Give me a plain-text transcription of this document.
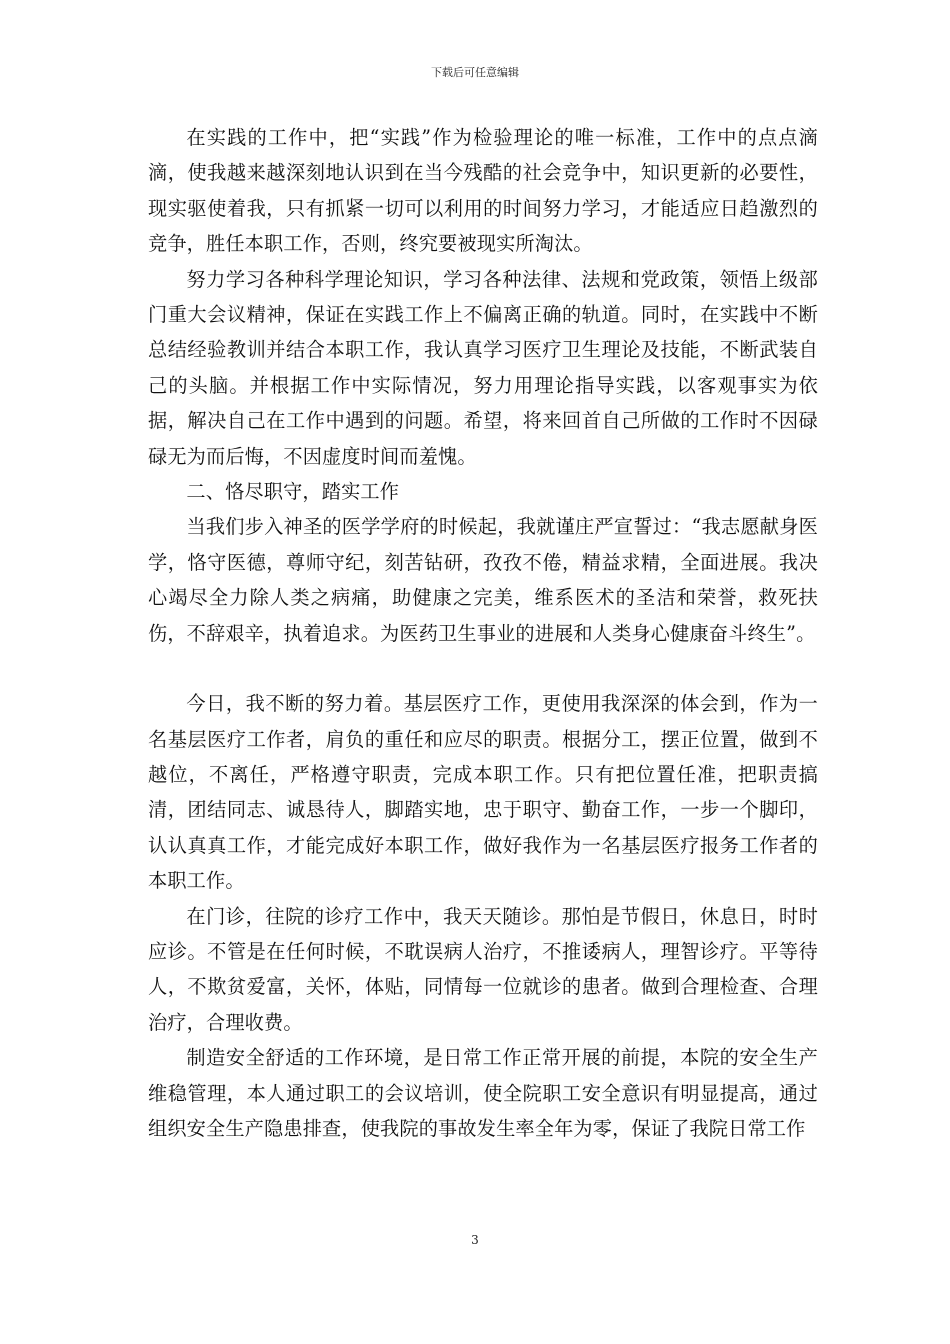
下载后可任意编辑

在实践的工作中，把“实践”作为检验理论的唯一标准，工作中的点点滴滴，使我越来越深刻地认识到在当今残酷的社会竞争中，知识更新的必要性，现实驱使着我，只有抓紧一切可以利用的时间努力学习，才能适应日趋激烈的竞争，胜任本职工作，否则，终究要被现实所淘汰。

努力学习各种科学理论知识，学习各种法律、法规和党政策，领悟上级部门重大会议精神，保证在实践工作上不偏离正确的轨道。同时，在实践中不断总结经验教训并结合本职工作，我认真学习医疗卫生理论及技能，不断武装自己的头脑。并根据工作中实际情况，努力用理论指导实践，以客观事实为依据，解决自己在工作中遇到的问题。希望，将来回首自己所做的工作时不因碌碌无为而后悔，不因虚度时间而羞愧。

二、恪尽职守，踏实工作

当我们步入神圣的医学学府的时候起，我就谨庄严宣誓过：“我志愿献身医学，恪守医德，尊师守纪，刻苦钻研，孜孜不倦，精益求精，全面进展。我决心竭尽全力除人类之病痛，助健康之完美，维系医术的圣洁和荣誉，救死扶伤，不辞艰辛，执着追求。为医药卫生事业的进展和人类身心健康奋斗终生”。

今日，我不断的努力着。基层医疗工作，更使用我深深的体会到，作为一名基层医疗工作者，肩负的重任和应尽的职责。根据分工，摆正位置，做到不越位，不离任，严格遵守职责，完成本职工作。只有把位置任准，把职责搞清，团结同志、诚恳待人，脚踏实地，忠于职守、勤奋工作，一步一个脚印，认认真真工作，才能完成好本职工作，做好我作为一名基层医疗报务工作者的本职工作。

在门诊，往院的诊疗工作中，我天天随诊。那怕是节假日，休息日，时时应诊。不管是在任何时候，不耽误病人治疗，不推诿病人，理智诊疗。平等待人，不欺贫爱富，关怀，体贴，同情每一位就诊的患者。做到合理检查、合理治疗，合理收费。

制造安全舒适的工作环境，是日常工作正常开展的前提，本院的安全生产维稳管理，本人通过职工的会议培训，使全院职工安全意识有明显提高，通过组织安全生产隐患排查，使我院的事故发生率全年为零，保证了我院日常工作

3
